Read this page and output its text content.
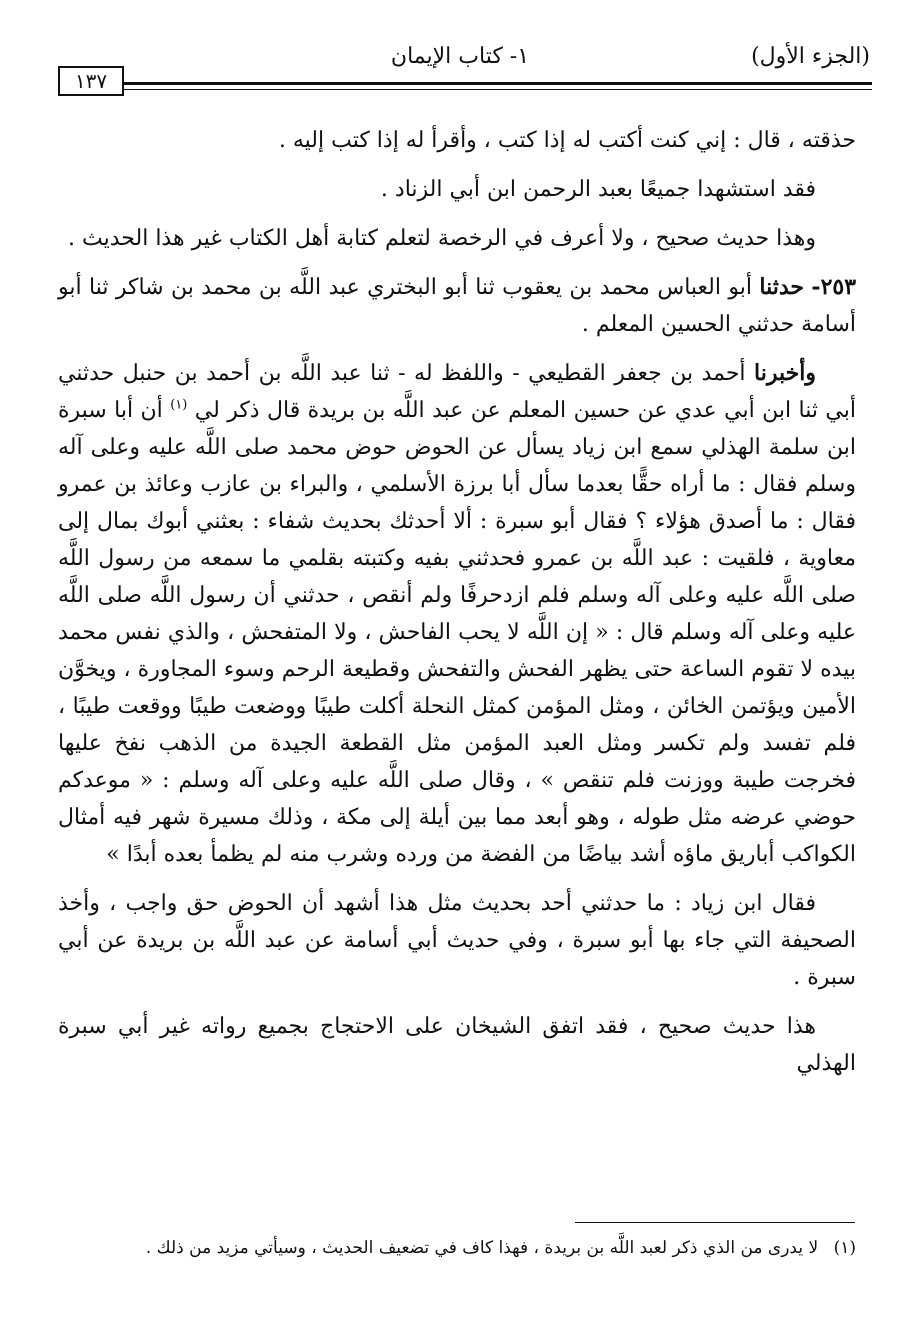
(الجزء الأول)
١- كتاب الإيمان
١٣٧

حذقته ، قال : إني كنت أكتب له إذا كتب ، وأقرأ له إذا كتب إليه .

فقد استشهدا جميعًا بعبد الرحمن ابن أبي الزناد .

وهذا حديث صحيح ، ولا أعرف في الرخصة لتعلم كتابة أهل الكتاب غير هذا الحديث .

٢٥٣- حدثنا أبو العباس محمد بن يعقوب ثنا أبو البختري عبد اللَّه بن محمد بن شاكر ثنا أبو أسامة حدثني الحسين المعلم .

وأخبرنا أحمد بن جعفر القطيعي - واللفظ له - ثنا عبد اللَّه بن أحمد بن حنبل حدثني أبي ثنا ابن أبي عدي عن حسين المعلم عن عبد اللَّه بن بريدة قال ذكر لي $^{(١)}$ أن أبا سبرة ابن سلمة الهذلي سمع ابن زياد يسأل عن الحوض حوض محمد صلى اللَّه عليه وعلى آله وسلم فقال : ما أراه حقًّا بعدما سأل أبا برزة الأسلمي ، والبراء بن عازب وعائذ بن عمرو فقال : ما أصدق هؤلاء ؟ فقال أبو سبرة : ألا أحدثك بحديث شفاء : بعثني أبوك بمال إلى معاوية ، فلقيت : عبد اللَّه بن عمرو فحدثني بفيه وكتبته بقلمي ما سمعه من رسول اللَّه صلى اللَّه عليه وعلى آله وسلم فلم ازدحرفًا ولم أنقص ، حدثني أن رسول اللَّه صلى اللَّه عليه وعلى آله وسلم قال : « إن اللَّه لا يحب الفاحش ، ولا المتفحش ، والذي نفس محمد بيده لا تقوم الساعة حتى يظهر الفحش والتفحش وقطيعة الرحم وسوء المجاورة ، ويخوَّن الأمين ويؤتمن الخائن ، ومثل المؤمن كمثل النحلة أكلت طيبًا ووضعت طيبًا ووقعت طيبًا ، فلم تفسد ولم تكسر ومثل العبد المؤمن مثل القطعة الجيدة من الذهب نفخ عليها فخرجت طيبة ووزنت فلم تنقص » ، وقال صلى اللَّه عليه وعلى آله وسلم : « موعدكم حوضي عرضه مثل طوله ، وهو أبعد مما بين أيلة إلى مكة ، وذلك مسيرة شهر فيه أمثال الكواكب أباريق ماؤه أشد بياضًا من الفضة من ورده وشرب منه لم يظمأ بعده أبدًا »

فقال ابن زياد : ما حدثني أحد بحديث مثل هذا أشهد أن الحوض حق واجب ، وأخذ الصحيفة التي جاء بها أبو سبرة ، وفي حديث أبي أسامة عن عبد اللَّه بن بريدة عن أبي سبرة .

هذا حديث صحيح ، فقد اتفق الشيخان على الاحتجاج بجميع رواته غير أبي سبرة الهذلي

(١) لا يدرى من الذي ذكر لعبد اللَّه بن بريدة ، فهذا كاف في تضعيف الحديث ، وسيأتي مزيد من ذلك .
